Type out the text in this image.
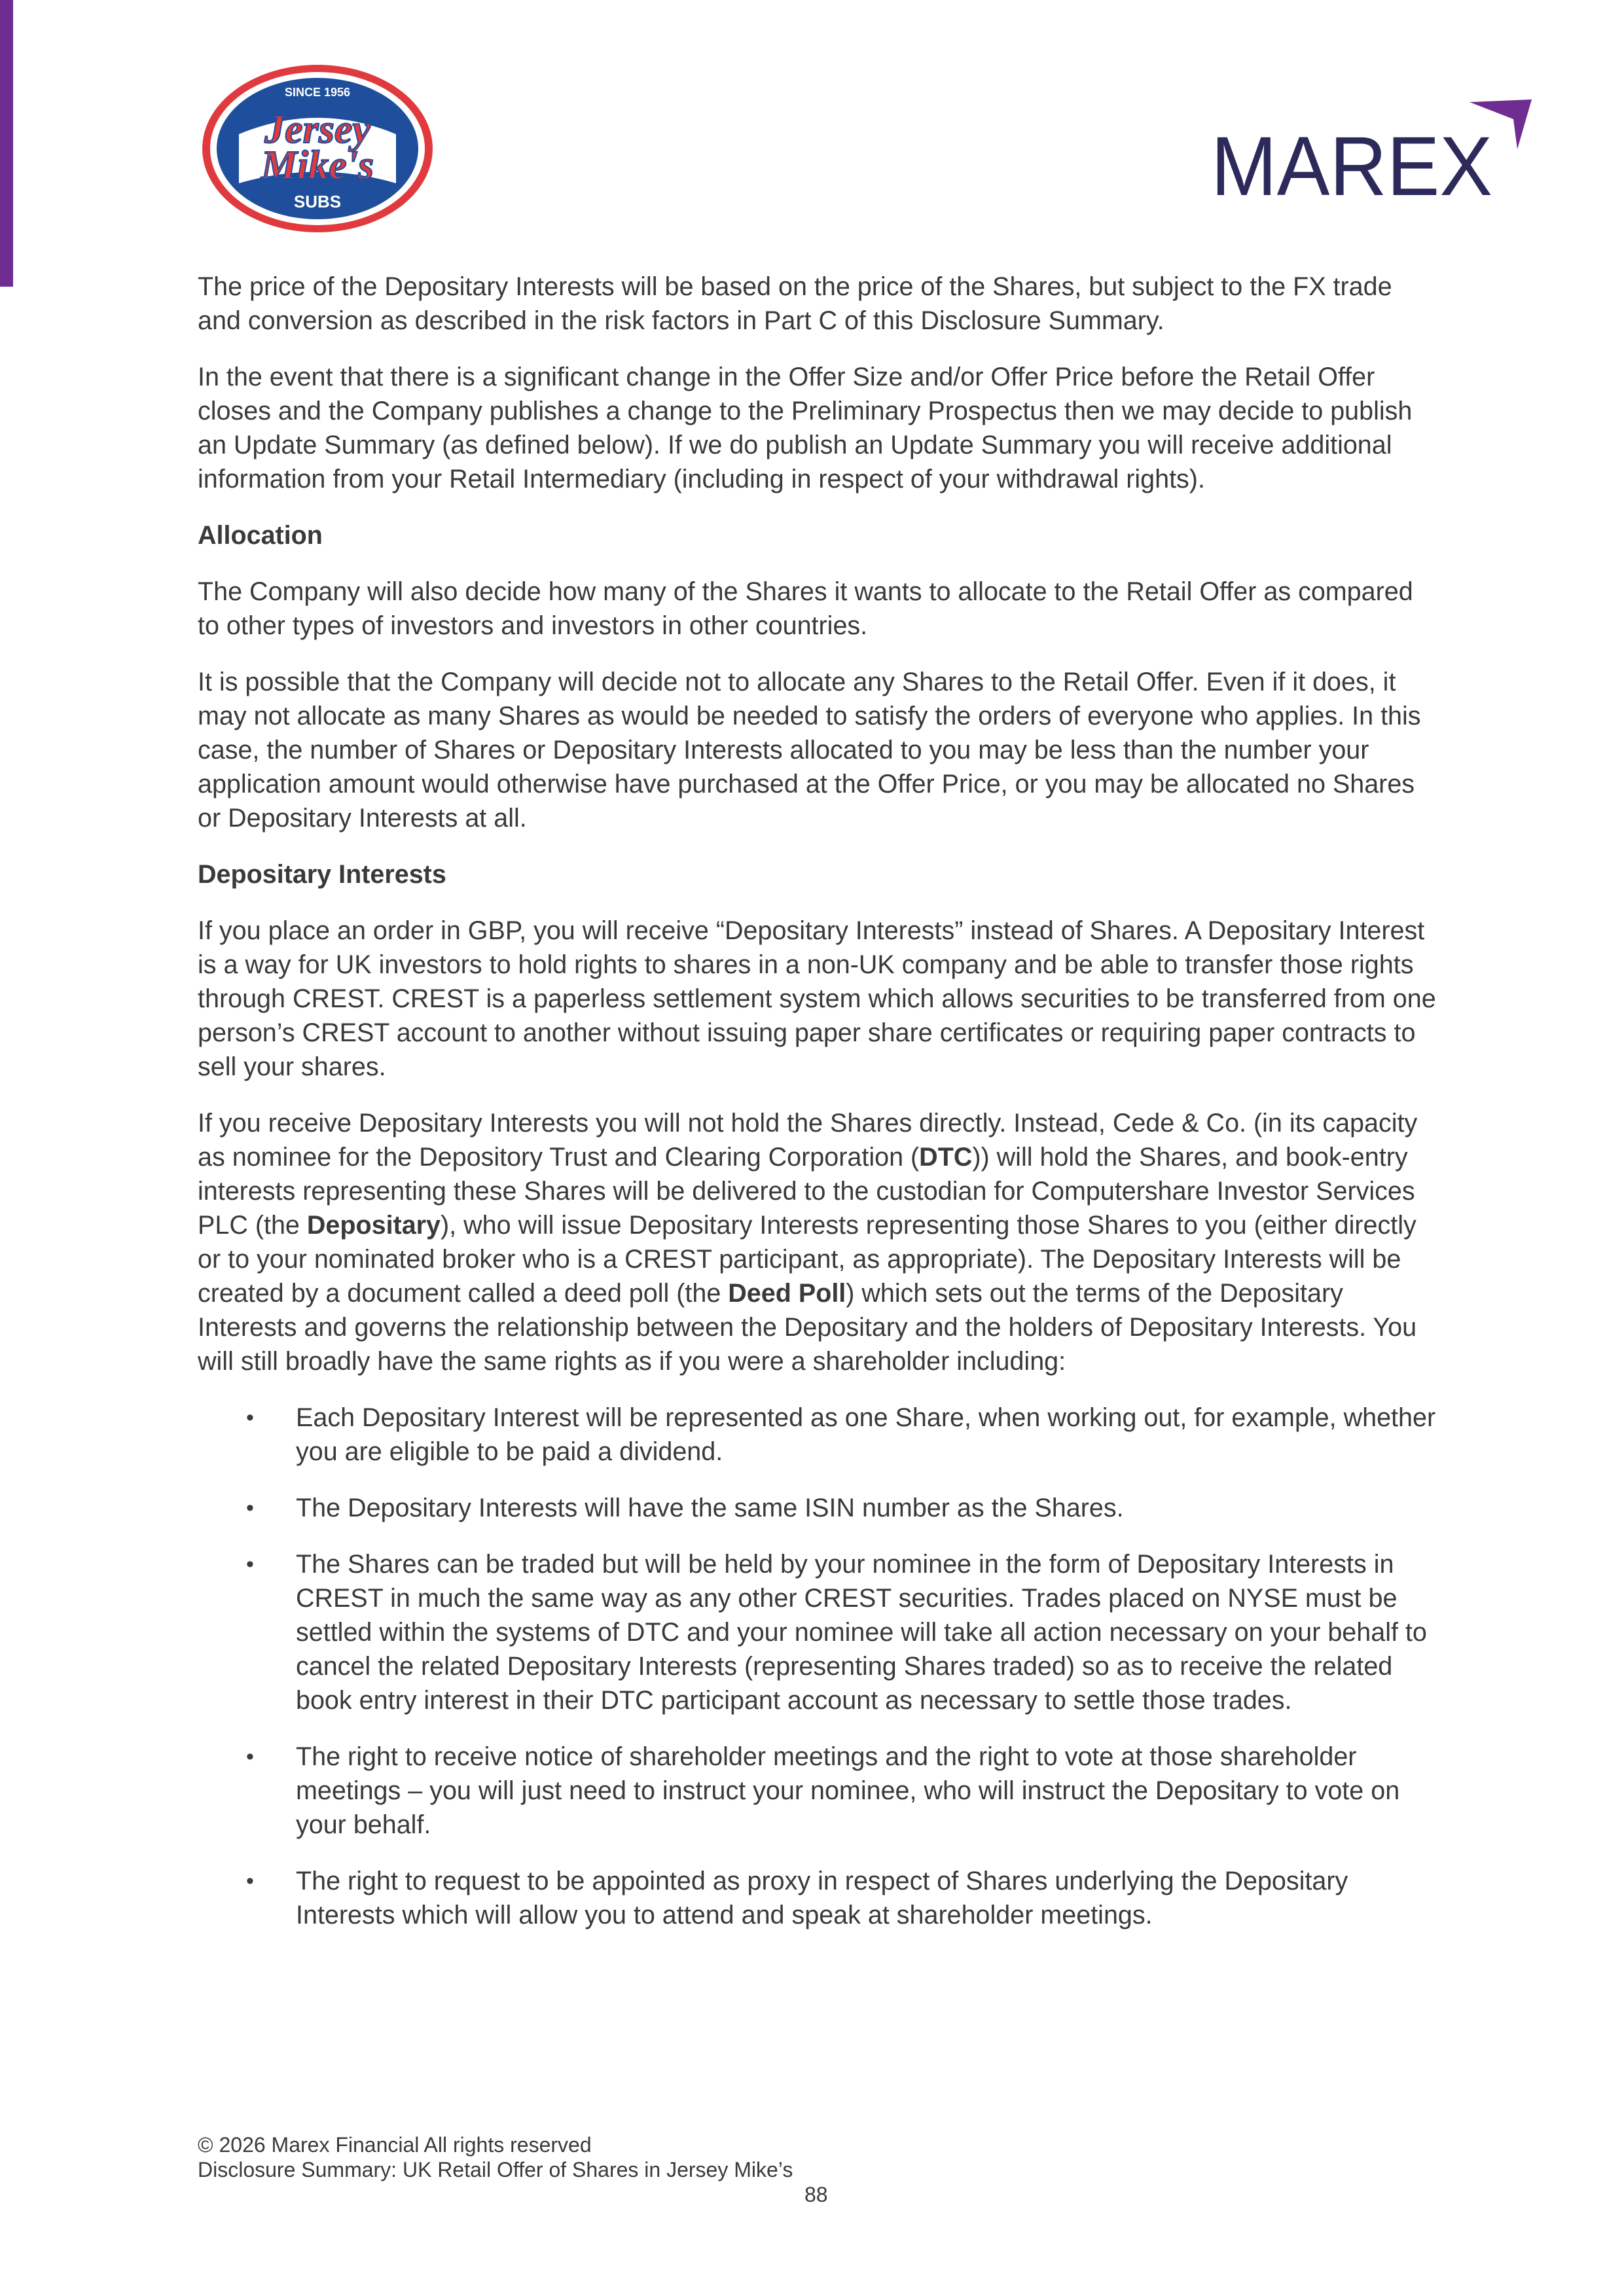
SINCE 1956
Jersey
Mike's
SUBS	MAREX

The price of the Depositary Interests will be based on the price of the Shares, but subject to the FX trade and conversion as described in the risk factors in Part C of this Disclosure Summary.

In the event that there is a significant change in the Offer Size and/or Offer Price before the Retail Offer closes and the Company publishes a change to the Preliminary Prospectus then we may decide to publish an Update Summary (as defined below). If we do publish an Update Summary you will receive additional information from your Retail Intermediary (including in respect of your withdrawal rights).

Allocation

The Company will also decide how many of the Shares it wants to allocate to the Retail Offer as compared to other types of investors and investors in other countries.

It is possible that the Company will decide not to allocate any Shares to the Retail Offer. Even if it does, it may not allocate as many Shares as would be needed to satisfy the orders of everyone who applies. In this case, the number of Shares or Depositary Interests allocated to you may be less than the number your application amount would otherwise have purchased at the Offer Price, or you may be allocated no Shares or Depositary Interests at all.

Depositary Interests

If you place an order in GBP, you will receive “Depositary Interests” instead of Shares. A Depositary Interest is a way for UK investors to hold rights to shares in a non-UK company and be able to transfer those rights through CREST. CREST is a paperless settlement system which allows securities to be transferred from one person’s CREST account to another without issuing paper share certificates or requiring paper contracts to sell your shares.

If you receive Depositary Interests you will not hold the Shares directly. Instead, Cede & Co. (in its capacity as nominee for the Depository Trust and Clearing Corporation (DTC)) will hold the Shares, and book-entry interests representing these Shares will be delivered to the custodian for Computershare Investor Services PLC (the Depositary), who will issue Depositary Interests representing those Shares to you (either directly or to your nominated broker who is a CREST participant, as appropriate). The Depositary Interests will be created by a document called a deed poll (the Deed Poll) which sets out the terms of the Depositary Interests and governs the relationship between the Depositary and the holders of Depositary Interests. You will still broadly have the same rights as if you were a shareholder including:

• Each Depositary Interest will be represented as one Share, when working out, for example, whether you are eligible to be paid a dividend.
• The Depositary Interests will have the same ISIN number as the Shares.
• The Shares can be traded but will be held by your nominee in the form of Depositary Interests in CREST in much the same way as any other CREST securities. Trades placed on NYSE must be settled within the systems of DTC and your nominee will take all action necessary on your behalf to cancel the related Depositary Interests (representing Shares traded) so as to receive the related book entry interest in their DTC participant account as necessary to settle those trades.
• The right to receive notice of shareholder meetings and the right to vote at those shareholder meetings – you will just need to instruct your nominee, who will instruct the Depositary to vote on your behalf.
• The right to request to be appointed as proxy in respect of Shares underlying the Depositary Interests which will allow you to attend and speak at shareholder meetings.
© 2026 Marex Financial All rights reserved
Disclosure Summary: UK Retail Offer of Shares in Jersey Mike’s
88
